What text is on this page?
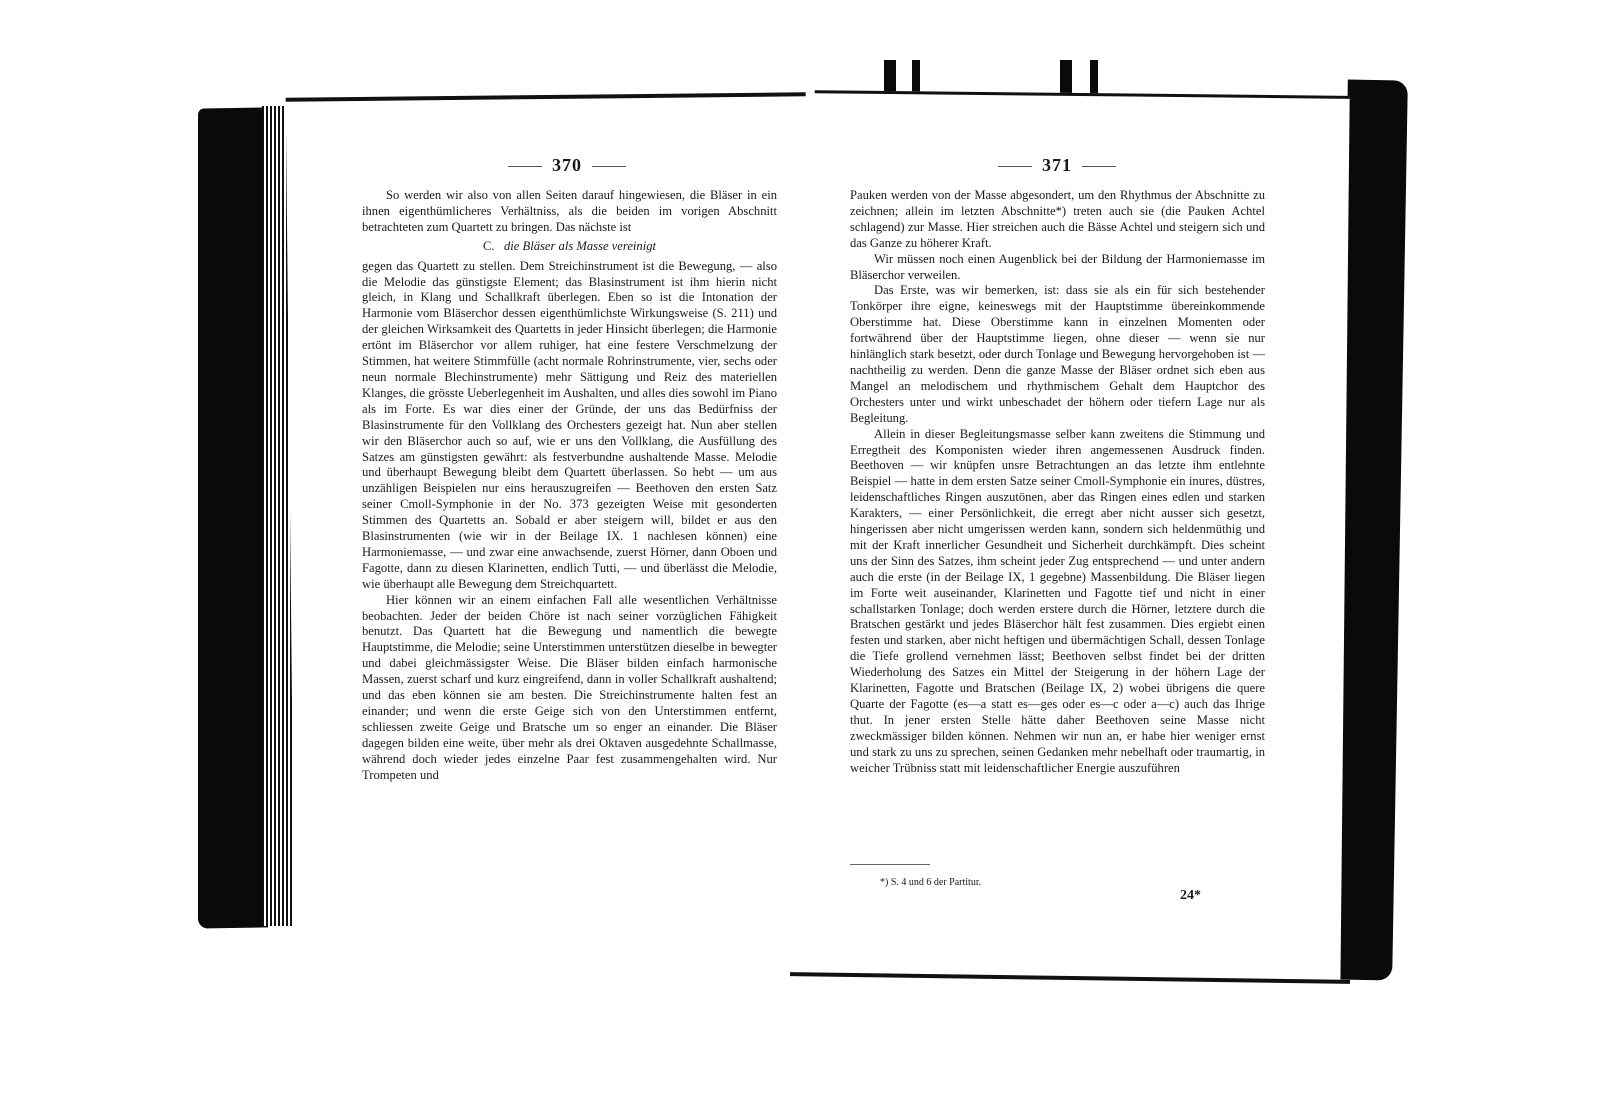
370

So werden wir also von allen Seiten darauf hingewiesen, die Bläser in ein ihnen eigenthümlicheres Verhältniss, als die beiden im vorigen Abschnitt betrachteten zum Quartett zu bringen. Das nächste ist

C. die Bläser als Masse vereinigt

gegen das Quartett zu stellen. Dem Streichinstrument ist die Bewegung, — also die Melodie das günstigste Element; das Blasinstrument ist ihm hierin nicht gleich, in Klang und Schallkraft überlegen. Eben so ist die Intonation der Harmonie vom Bläserchor dessen eigenthümlichste Wirkungsweise (S. 211) und der gleichen Wirksamkeit des Quartetts in jeder Hinsicht überlegen; die Harmonie ertönt im Bläserchor vor allem ruhiger, hat eine festere Verschmelzung der Stimmen, hat weitere Stimmfülle (acht normale Rohrinstrumente, vier, sechs oder neun normale Blechinstrumente) mehr Sättigung und Reiz des materiellen Klanges, die grösste Ueberlegenheit im Aushalten, und alles dies sowohl im Piano als im Forte. Es war dies einer der Gründe, der uns das Bedürfniss der Blasinstrumente für den Vollklang des Orchesters gezeigt hat. Nun aber stellen wir den Bläserchor auch so auf, wie er uns den Vollklang, die Ausfüllung des Satzes am günstigsten gewährt: als festverbundne aushaltende Masse. Melodie und überhaupt Bewegung bleibt dem Quartett überlassen. So hebt — um aus unzähligen Beispielen nur eins herauszugreifen — Beethoven den ersten Satz seiner Cmoll-Symphonie in der No. 373 gezeigten Weise mit gesonderten Stimmen des Quartetts an. Sobald er aber steigern will, bildet er aus den Blasinstrumenten (wie wir in der Beilage IX. 1 nachlesen können) eine Harmoniemasse, — und zwar eine anwachsende, zuerst Hörner, dann Oboen und Fagotte, dann zu diesen Klarinetten, endlich Tutti, — und überlässt die Melodie, wie überhaupt alle Bewegung dem Streichquartett.

Hier können wir an einem einfachen Fall alle wesentlichen Verhältnisse beobachten. Jeder der beiden Chöre ist nach seiner vorzüglichen Fähigkeit benutzt. Das Quartett hat die Bewegung und namentlich die bewegte Hauptstimme, die Melodie; seine Unterstimmen unterstützen dieselbe in bewegter und dabei gleichmässigster Weise. Die Bläser bilden einfach harmonische Massen, zuerst scharf und kurz eingreifend, dann in voller Schallkraft aushaltend; und das eben können sie am besten. Die Streichinstrumente halten fest an einander; und wenn die erste Geige sich von den Unterstimmen entfernt, schliessen zweite Geige und Bratsche um so enger an einander. Die Bläser dagegen bilden eine weite, über mehr als drei Oktaven ausgedehnte Schallmasse, während doch wieder jedes einzelne Paar fest zusammengehalten wird. Nur Trompeten und

371

Pauken werden von der Masse abgesondert, um den Rhythmus der Abschnitte zu zeichnen; allein im letzten Abschnitte*) treten auch sie (die Pauken Achtel schlagend) zur Masse. Hier streichen auch die Bässe Achtel und steigern sich und das Ganze zu höherer Kraft.

Wir müssen noch einen Augenblick bei der Bildung der Harmoniemasse im Bläserchor verweilen.

Das Erste, was wir bemerken, ist: dass sie als ein für sich bestehender Tonkörper ihre eigne, keineswegs mit der Hauptstimme übereinkommende Oberstimme hat. Diese Oberstimme kann in einzelnen Momenten oder fortwährend über der Hauptstimme liegen, ohne dieser — wenn sie nur hinlänglich stark besetzt, oder durch Tonlage und Bewegung hervorgehoben ist — nachtheilig zu werden. Denn die ganze Masse der Bläser ordnet sich eben aus Mangel an melodischem und rhythmischem Gehalt dem Hauptchor des Orchesters unter und wirkt unbeschadet der höhern oder tiefern Lage nur als Begleitung.

Allein in dieser Begleitungsmasse selber kann zweitens die Stimmung und Erregtheit des Komponisten wieder ihren angemessenen Ausdruck finden. Beethoven — wir knüpfen unsre Betrachtungen an das letzte ihm entlehnte Beispiel — hatte in dem ersten Satze seiner Cmoll-Symphonie ein inures, düstres, leidenschaftliches Ringen auszutönen, aber das Ringen eines edlen und starken Karakters, — einer Persönlichkeit, die erregt aber nicht ausser sich gesetzt, hingerissen aber nicht umgerissen werden kann, sondern sich heldenmüthig und mit der Kraft innerlicher Gesundheit und Sicherheit durchkämpft. Dies scheint uns der Sinn des Satzes, ihm scheint jeder Zug entsprechend — und unter andern auch die erste (in der Beilage IX, 1 gegebne) Massenbildung. Die Bläser liegen im Forte weit auseinander, Klarinetten und Fagotte tief und nicht in einer schallstarken Tonlage; doch werden erstere durch die Hörner, letztere durch die Bratschen gestärkt und jedes Bläserchor hält fest zusammen. Dies ergiebt einen festen und starken, aber nicht heftigen und übermächtigen Schall, dessen Tonlage die Tiefe grollend vernehmen lässt; Beethoven selbst findet bei der dritten Wiederholung des Satzes ein Mittel der Steigerung in der höhern Lage der Klarinetten, Fagotte und Bratschen (Beilage IX, 2) wobei übrigens die quere Quarte der Fagotte (es—a statt es—ges oder es—c oder a—c) auch das Ihrige thut. In jener ersten Stelle hätte daher Beethoven seine Masse nicht zweckmässiger bilden können. Nehmen wir nun an, er habe hier weniger ernst und stark zu uns zu sprechen, seinen Gedanken mehr nebelhaft oder traumartig, in weicher Trübniss statt mit leidenschaftlicher Energie auszuführen

*) S. 4 und 6 der Partitur.
24*
